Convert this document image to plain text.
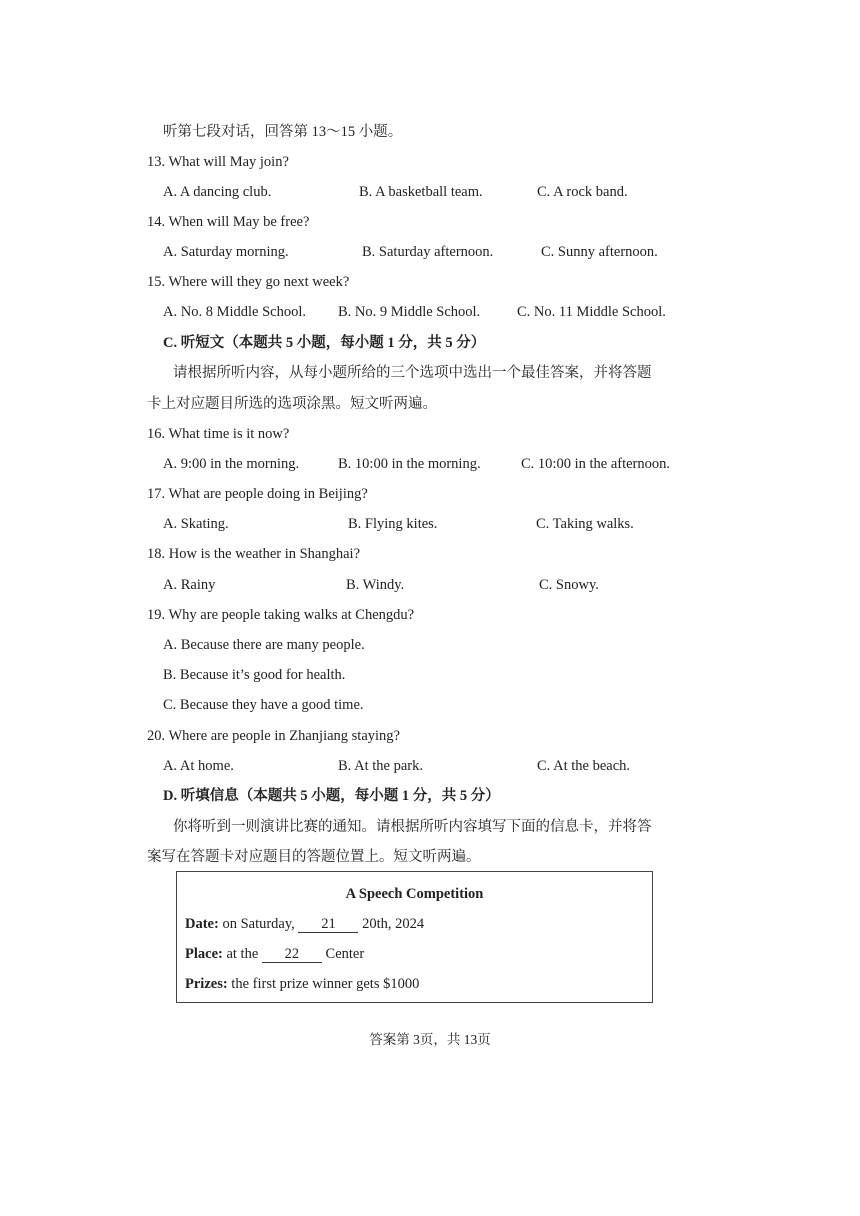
听第七段对话，回答第 13～15 小题。
13. What will May join?
A. A dancing club.	B. A basketball team.	C. A rock band.
14. When will May be free?
A. Saturday morning.	B. Saturday afternoon.	C. Sunny afternoon.
15. Where will they go next week?
A. No. 8 Middle School. B. No. 9 Middle School.	C. No. 11 Middle School.
C. 听短文（本题共 5 小题，每小题 1 分，共 5 分）
请根据所听内容，从每小题所给的三个选项中选出一个最佳答案，并将答题
卡上对应题目所选的选项涂黑。短文听两遍。
16. What time is it now?
A. 9:00 in the morning.	B. 10:00 in the morning.	C. 10:00 in the afternoon.
17. What are people doing in Beijing?
A. Skating.	B. Flying kites.	C. Taking walks.
18. How is the weather in Shanghai?
A. Rainy	B. Windy.	C. Snowy.
19. Why are people taking walks at Chengdu?
A. Because there are many people.
B. Because it’s good for health.
C. Because they have a good time.
20. Where are people in Zhanjiang staying?
A. At home.	B. At the park.	C. At the beach.
D. 听填信息（本题共 5 小题，每小题 1 分，共 5 分）
你将听到一则演讲比赛的通知。请根据所听内容填写下面的信息卡，并将答
案写在答题卡对应题目的答题位置上。短文听两遍。
A Speech Competition
Date: on Saturday, 21 20th, 2024
Place: at the 22 Center
Prizes: the first prize winner gets $1000
答案第 3页，共 13页
